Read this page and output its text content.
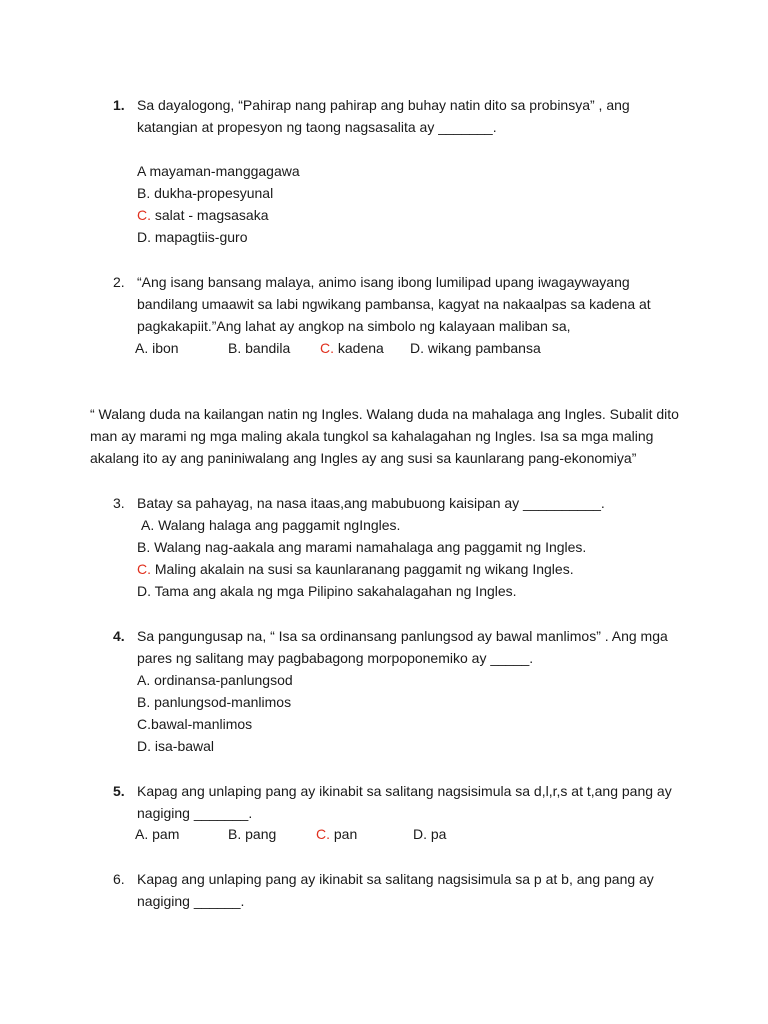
1. Sa dayalogong, “Pahirap nang pahirap ang buhay natin dito sa probinsya” , ang
katangian at propesyon ng taong nagsasalita ay _______.
A mayaman-manggagawa
B. dukha-propesyunal
C. salat - magsasaka
D. mapagtiis-guro
2. “Ang isang bansang malaya, animo isang ibong lumilipad upang iwagaywayang
bandilang umaawit sa labi ngwikang pambansa, kagyat na nakaalpas sa kadena at
pagkakapiit.”Ang lahat ay angkop na simbolo ng kalayaan maliban sa,
A. ibon	B. bandila C. kadena D. wikang pambansa
“ Walang duda na kailangan natin ng Ingles. Walang duda na mahalaga ang Ingles. Subalit dito
man ay marami ng mga maling akala tungkol sa kahalagahan ng Ingles. Isa sa mga maling
akalang ito ay ang paniniwalang ang Ingles ay ang susi sa kaunlarang pang-ekonomiya”
3. Batay sa pahayag, na nasa itaas,ang mabubuong kaisipan ay __________.
A. Walang halaga ang paggamit ngIngles.
B. Walang nag-aakala ang marami namahalaga ang paggamit ng Ingles.
C. Maling akalain na susi sa kaunlaranang paggamit ng wikang Ingles.
D. Tama ang akala ng mga Pilipino sakahalagahan ng Ingles.
4. Sa pangungusap na, “ Isa sa ordinansang panlungsod ay bawal manlimos” . Ang mga
pares ng salitang may pagbabagong morpoponemiko ay _____.
A. ordinansa-panlungsod
B. panlungsod-manlimos
C.bawal-manlimos
D. isa-bawal
5. Kapag ang unlaping pang ay ikinabit sa salitang nagsisimula sa d,l,r,s at t,ang pang ay
nagiging _______.
A. pam	B. pang	C. pan	D. pa
6. Kapag ang unlaping pang ay ikinabit sa salitang nagsisimula sa p at b, ang pang ay
nagiging ______.
